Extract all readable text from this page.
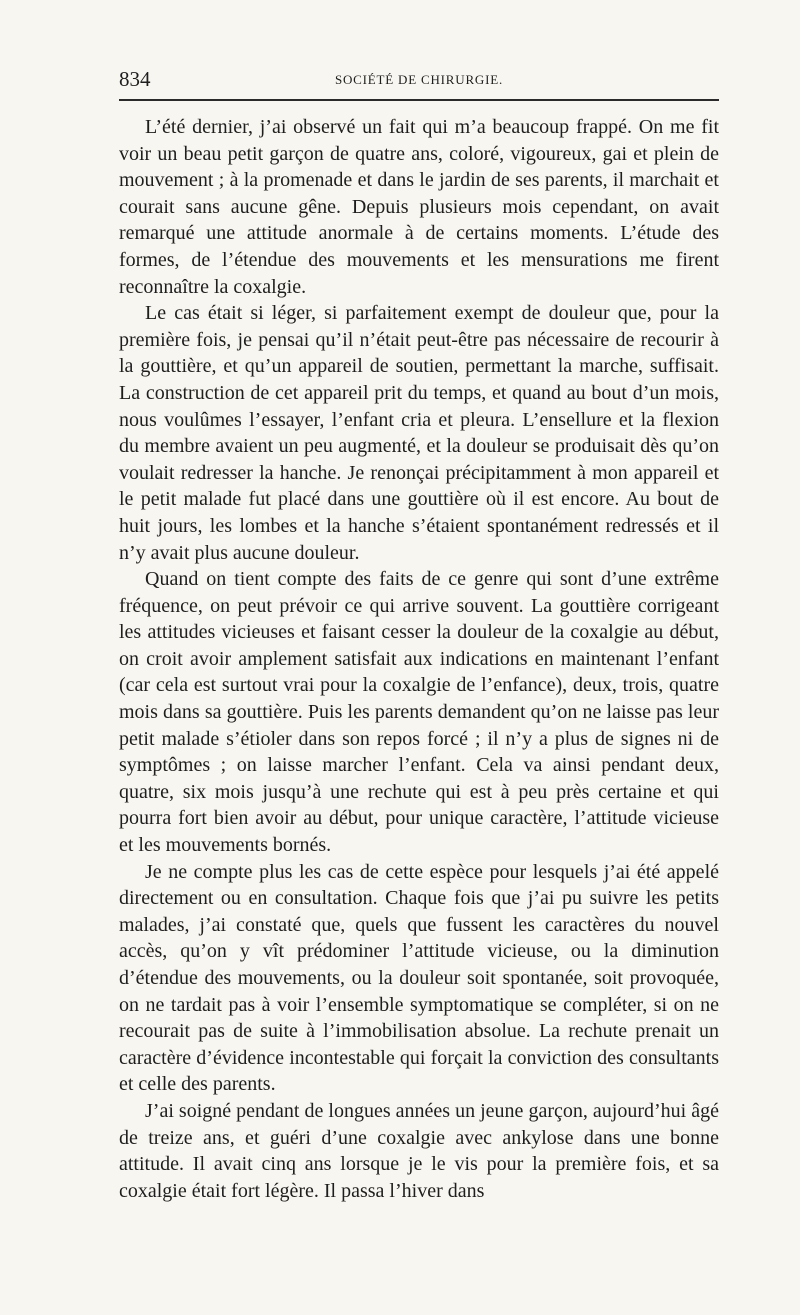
834	SOCIÉTÉ DE CHIRURGIE.

L’été dernier, j’ai observé un fait qui m’a beaucoup frappé. On me fit voir un beau petit garçon de quatre ans, coloré, vigoureux, gai et plein de mouvement ; à la promenade et dans le jardin de ses parents, il marchait et courait sans aucune gêne. Depuis plusieurs mois cependant, on avait remarqué une attitude anormale à de certains moments. L’étude des formes, de l’étendue des mouvements et les mensurations me firent reconnaître la coxalgie.

Le cas était si léger, si parfaitement exempt de douleur que, pour la première fois, je pensai qu’il n’était peut-être pas nécessaire de recourir à la gouttière, et qu’un appareil de soutien, permettant la marche, suffisait. La construction de cet appareil prit du temps, et quand au bout d’un mois, nous voulûmes l’essayer, l’enfant cria et pleura. L’ensellure et la flexion du membre avaient un peu augmenté, et la douleur se produisait dès qu’on voulait redresser la hanche. Je renonçai précipitamment à mon appareil et le petit malade fut placé dans une gouttière où il est encore. Au bout de huit jours, les lombes et la hanche s’étaient spontanément redressés et il n’y avait plus aucune douleur.

Quand on tient compte des faits de ce genre qui sont d’une extrême fréquence, on peut prévoir ce qui arrive souvent. La gouttière corrigeant les attitudes vicieuses et faisant cesser la douleur de la coxalgie au début, on croit avoir amplement satisfait aux indications en maintenant l’enfant (car cela est surtout vrai pour la coxalgie de l’enfance), deux, trois, quatre mois dans sa gouttière. Puis les parents demandent qu’on ne laisse pas leur petit malade s’étioler dans son repos forcé ; il n’y a plus de signes ni de symptômes ; on laisse marcher l’enfant. Cela va ainsi pendant deux, quatre, six mois jusqu’à une rechute qui est à peu près certaine et qui pourra fort bien avoir au début, pour unique caractère, l’attitude vicieuse et les mouvements bornés.

Je ne compte plus les cas de cette espèce pour lesquels j’ai été appelé directement ou en consultation. Chaque fois que j’ai pu suivre les petits malades, j’ai constaté que, quels que fussent les caractères du nouvel accès, qu’on y vît prédominer l’attitude vicieuse, ou la diminution d’étendue des mouvements, ou la douleur soit spontanée, soit provoquée, on ne tardait pas à voir l’ensemble symptomatique se compléter, si on ne recourait pas de suite à l’immobilisation absolue. La rechute prenait un caractère d’évidence incontestable qui forçait la conviction des consultants et celle des parents.

J’ai soigné pendant de longues années un jeune garçon, aujourd’hui âgé de treize ans, et guéri d’une coxalgie avec ankylose dans une bonne attitude. Il avait cinq ans lorsque je le vis pour la première fois, et sa coxalgie était fort légère. Il passa l’hiver dans
